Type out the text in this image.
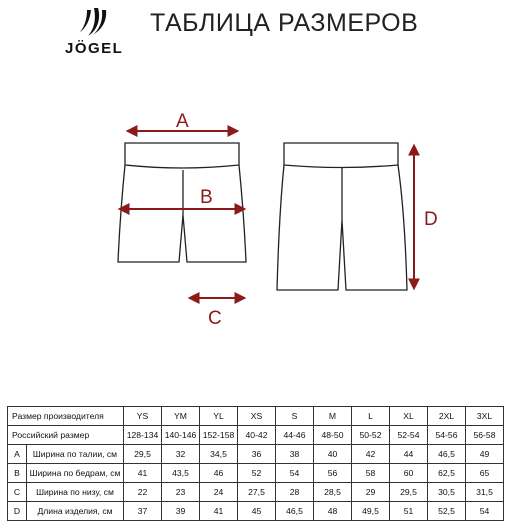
JÖGEL
ТАБЛИЦА РАЗМЕРОВ
A
B
C
D
Размер производителя		YS	YM	YL	XS	S	M	L	XL	2XL	3XL
Российский размер		128-134	140-146	152-158	40-42	44-46	48-50	50-52	52-54	54-56	56-58
A	Ширина по талии, см	29,5	32	34,5	36	38	40	42	44	46,5	49
B	Ширина по бедрам, см	41	43,5	46	52	54	56	58	60	62,5	65
C	Ширина по низу, см	22	23	24	27,5	28	28,5	29	29,5	30,5	31,5
D	Длина изделия, см	37	39	41	45	46,5	48	49,5	51	52,5	54
